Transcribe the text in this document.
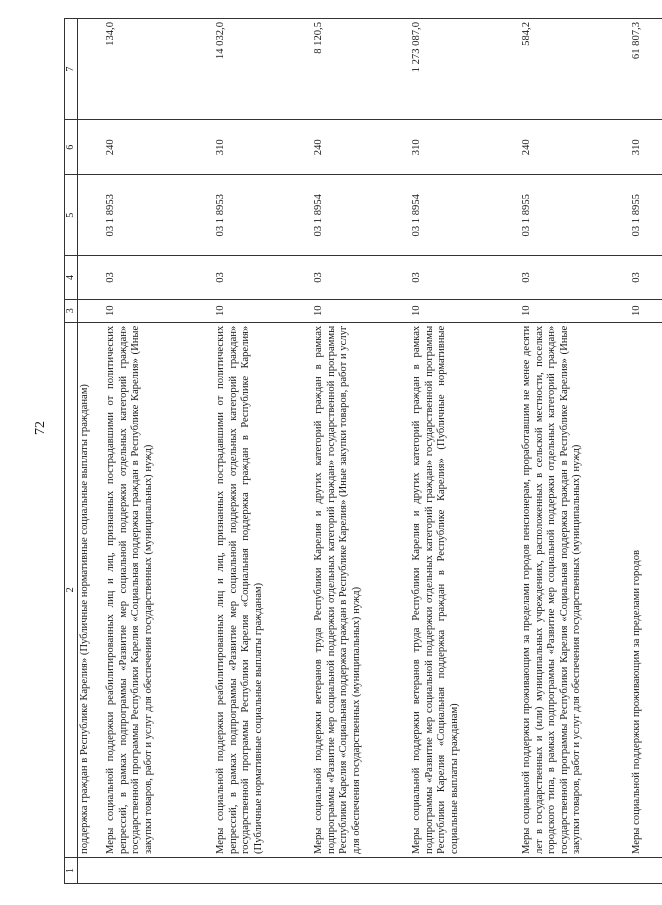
72
1	2	3	4	5	6	7
	поддержка граждан в Республике Карелия» (Публичные нормативные социальные выплаты гражданам)					
	Меры социальной поддержки реабилитированных лиц и лиц, признанных пострадавшими от политических репрессий, в рамках подпрограммы «Развитие мер социальной поддержки отдельных категорий граждан» государственной программы Республики Карелия «Социальная поддержка граждан в Республике Карелия» (Иные закупки товаров, работ и услуг для обеспечения государственных (муниципальных) нужд)	10	03	03 1 8953	240	134,0
	Меры социальной поддержки реабилитированных лиц и лиц, признанных пострадавшими от политических репрессий, в рамках подпрограммы «Развитие мер социальной поддержки отдельных категорий граждан» государственной программы Республики Карелия «Социальная поддержка граждан в Республике Карелия» (Публичные нормативные социальные выплаты гражданам)	10	03	03 1 8953	310	14 032,0
	Меры социальной поддержки ветеранов труда Республики Карелия и других категорий граждан в рамках подпрограммы «Развитие мер социальной поддержки отдельных категорий граждан» государственной программы Республики Карелия «Социальная поддержка граждан в Республике Карелия» (Иные закупки товаров, работ и услуг для обеспечения государственных (муниципальных) нужд)	10	03	03 1 8954	240	8 120,5
	Меры социальной поддержки ветеранов труда Республики Карелия и других категорий граждан в рамках подпрограммы «Развитие мер социальной поддержки отдельных категорий граждан» государственной программы Республики Карелия «Социальная поддержка граждан в Республике Карелия» (Публичные нормативные социальные выплаты гражданам)	10	03	03 1 8954	310	1 273 087,0
	Меры социальной поддержки проживающим за пределами городов пенсионерам, проработавшим не менее десяти лет в государственных и (или) муниципальных учреждениях, расположенных в сельской местности, поселках городского типа, в рамках подпрограммы «Развитие мер социальной поддержки отдельных категорий граждан» государственной программы Республики Карелия «Социальная поддержка граждан в Республике Карелия» (Иные закупки товаров, работ и услуг для обеспечения государственных (муниципальных) нужд)	10	03	03 1 8955	240	584,2
	Меры социальной поддержки проживающим за пределами городов	10	03	03 1 8955	310	61 807,3
